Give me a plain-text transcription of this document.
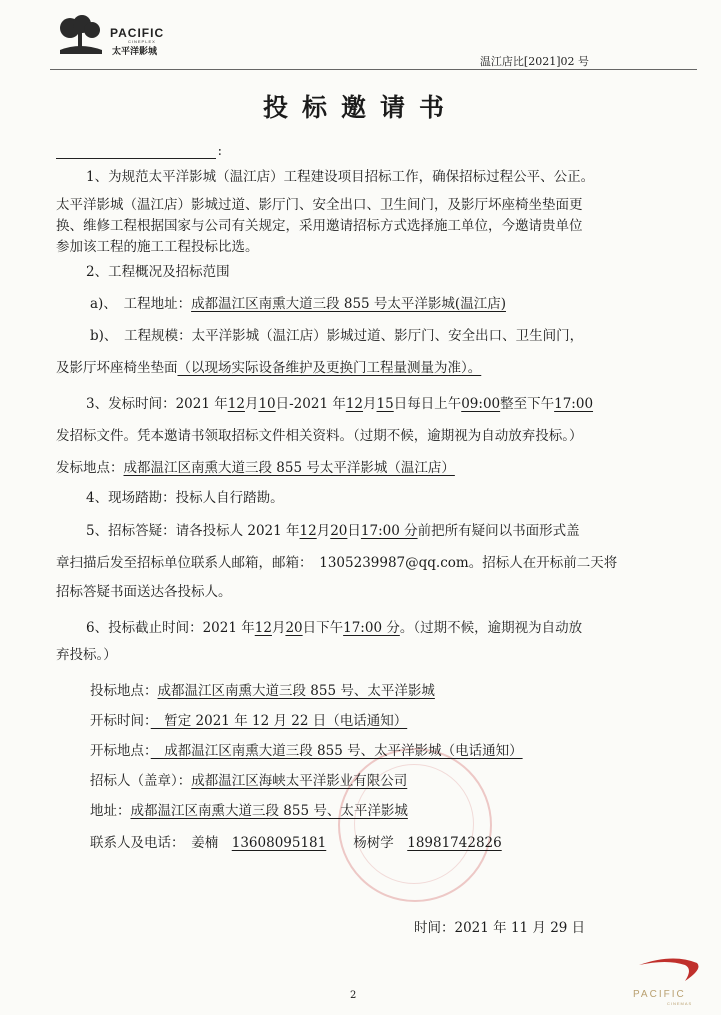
PACIFIC
CINEPLEX
太平洋影城
温江店比[2021]02 号
投标邀请书
:
1、为规范太平洋影城（温江店）工程建设项目招标工作，确保招标过程公平、公正。
太平洋影城（温江店）影城过道、影厅门、安全出口、卫生间门，及影厅坏座椅坐垫面更
换、维修工程根据国家与公司有关规定，采用邀请招标方式选择施工单位，今邀请贵单位
参加该工程的施工工程投标比选。
2、工程概况及招标范围
a)、　工程地址：成都温江区南熏大道三段 855 号太平洋影城(温江店)
b)、　工程规模：太平洋影城（温江店）影城过道、影厅门、安全出口、卫生间门，
及影厅坏座椅坐垫面（以现场实际设备维护及更换门工程量测量为准）。
3、发标时间：2021 年12月10日-2021 年12月15日每日上午09:00整至下午17:00
发招标文件。凭本邀请书领取招标文件相关资料。（过期不候，逾期视为自动放弃投标。）
发标地点：成都温江区南熏大道三段 855 号太平洋影城（温江店）
4、现场踏勘：投标人自行踏勘。
5、招标答疑：请各投标人 2021 年12月20日17:00 分前把所有疑问以书面形式盖
章扫描后发至招标单位联系人邮箱，邮箱：　1305239987@qq.com。招标人在开标前二天将
招标答疑书面送达各投标人。
6、投标截止时间：2021 年12月20日下午17:00 分。（过期不候，逾期视为自动放
弃投标。）
投标地点：成都温江区南熏大道三段 855 号、太平洋影城
开标时间：　暂定 2021 年 12 月 22 日（电话通知）
开标地点：　成都温江区南熏大道三段 855 号、太平洋影城（电话通知）
招标人（盖章）：成都温江区海峡太平洋影业有限公司
地址：成都温江区南熏大道三段 855 号、太平洋影城
联系人及电话：　 姜楠　 13608095181　　 杨树学　 18981742826
时间：2021 年 11 月 29 日
2	PACIFIC
CINEMAS
